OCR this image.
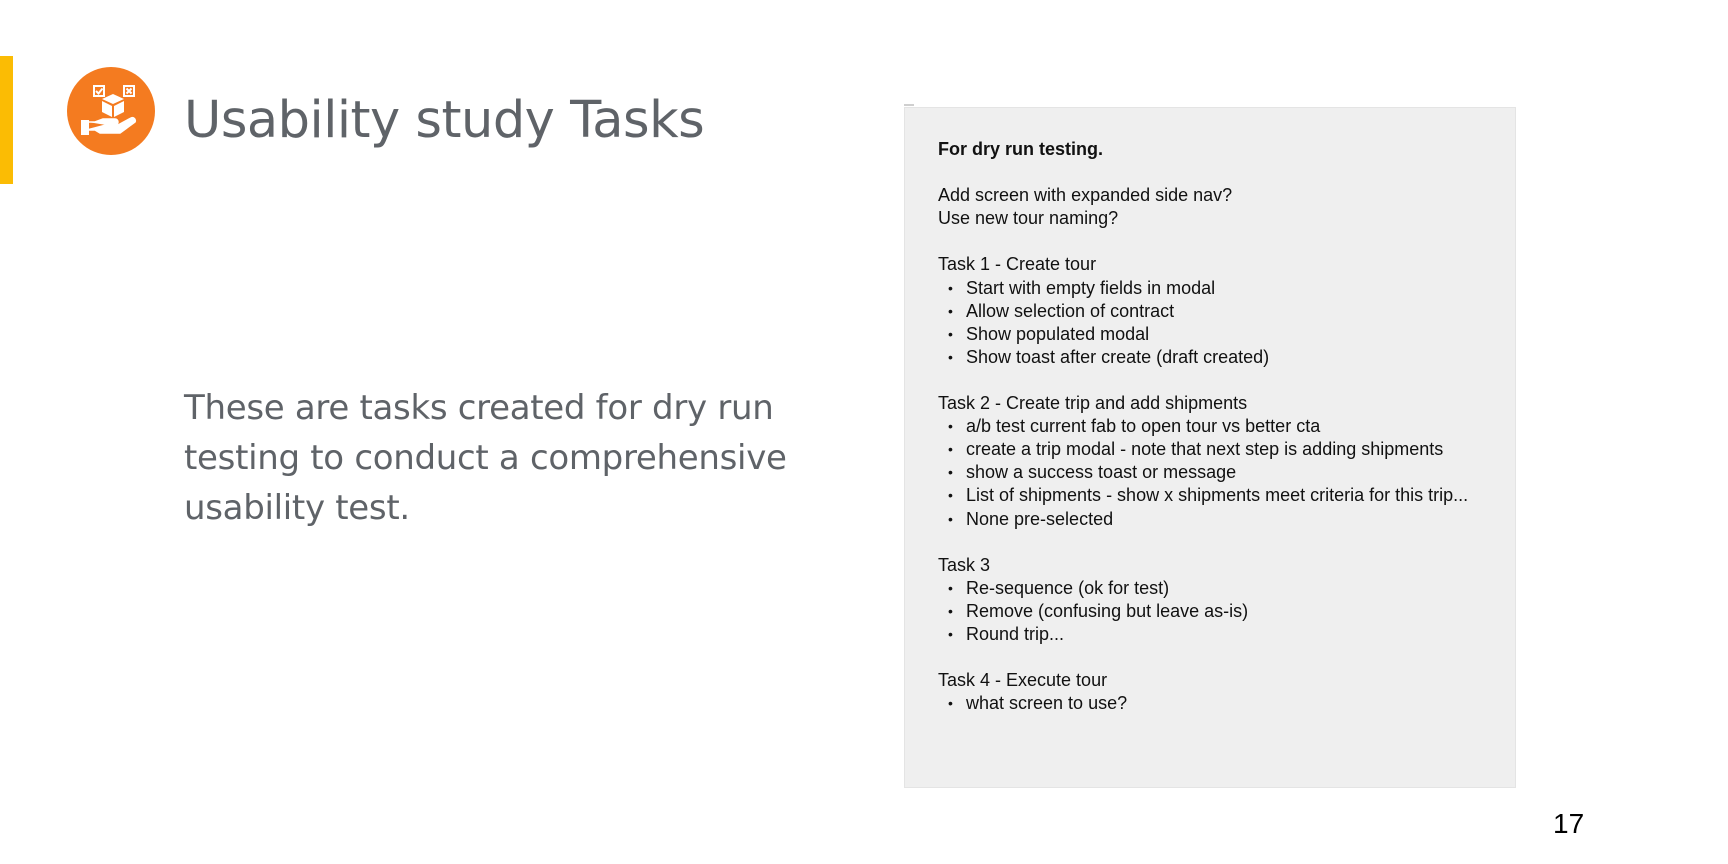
Usability study Tasks

These are tasks created for dry run testing to conduct a comprehensive usability test.

For dry run testing.

Add screen with expanded side nav?

Use new tour naming?

Task 1 - Create tour

• Start with empty fields in modal
• Allow selection of contract
• Show populated modal
• Show toast after create (draft created)

Task 2 - Create trip and add shipments

• a/b test current fab to open tour vs better cta
• create a trip modal - note that next step is adding shipments
• show a success toast or message
• List of shipments - show x shipments meet criteria for this trip...
• None pre-selected

Task 3

• Re-sequence (ok for test)
• Remove (confusing but leave as-is)
• Round trip...

Task 4 - Execute tour

• what screen to use?
17
